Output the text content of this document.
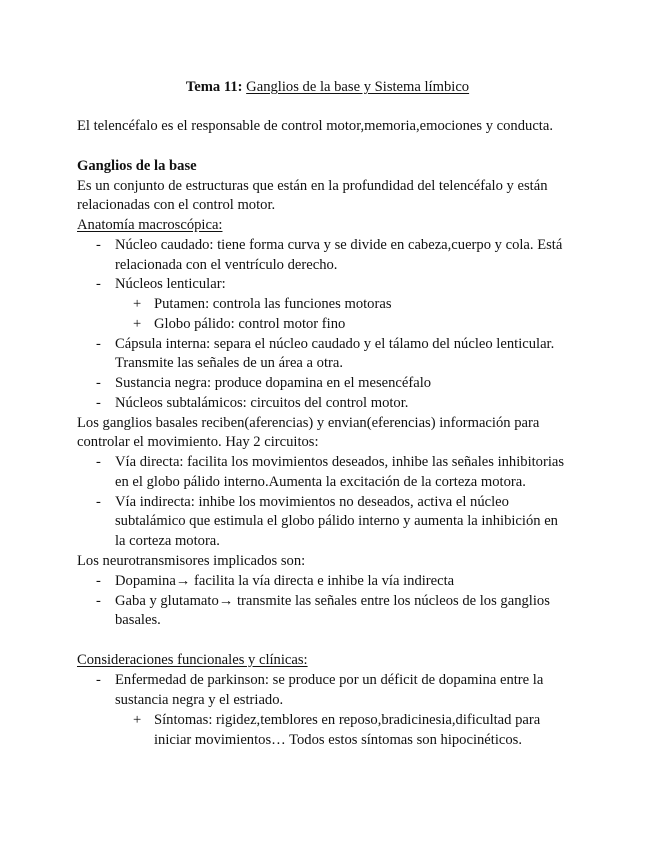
Tema 11: Ganglios de la base y Sistema límbico
El telencéfalo es el responsable de control motor,memoria,emociones y conducta.
Ganglios de la base
Es un conjunto de estructuras que están en la profundidad del telencéfalo y están
relacionadas con el control motor.
Anatomía macroscópica:
- Núcleo caudado: tiene forma curva y se divide en cabeza,cuerpo y cola. Está
relacionada con el ventrículo derecho.
- Núcleos lenticular:
+ Putamen: controla las funciones motoras
+ Globo pálido: control motor fino
- Cápsula interna: separa el núcleo caudado y el tálamo del núcleo lenticular.
Transmite las señales de un área a otra.
- Sustancia negra: produce dopamina en el mesencéfalo
- Núcleos subtalámicos: circuitos del control motor.
Los ganglios basales reciben(aferencias) y envian(eferencias) información para
controlar el movimiento. Hay 2 circuitos:
- Vía directa: facilita los movimientos deseados, inhibe las señales inhibitorias
en el globo pálido interno.Aumenta la excitación de la corteza motora.
- Vía indirecta: inhibe los movimientos no deseados, activa el núcleo
subtalámico que estimula el globo pálido interno y aumenta la inhibición en
la corteza motora.
Los neurotransmisores implicados son:
- Dopamina→ facilita la vía directa e inhibe la vía indirecta
- Gaba y glutamato→ transmite las señales entre los núcleos de los ganglios
basales.
Consideraciones funcionales y clínicas:
- Enfermedad de parkinson: se produce por un déficit de dopamina entre la
sustancia negra y el estriado.
+ Síntomas: rigidez,temblores en reposo,bradicinesia,dificultad para
iniciar movimientos… Todos estos síntomas son hipocinéticos.
